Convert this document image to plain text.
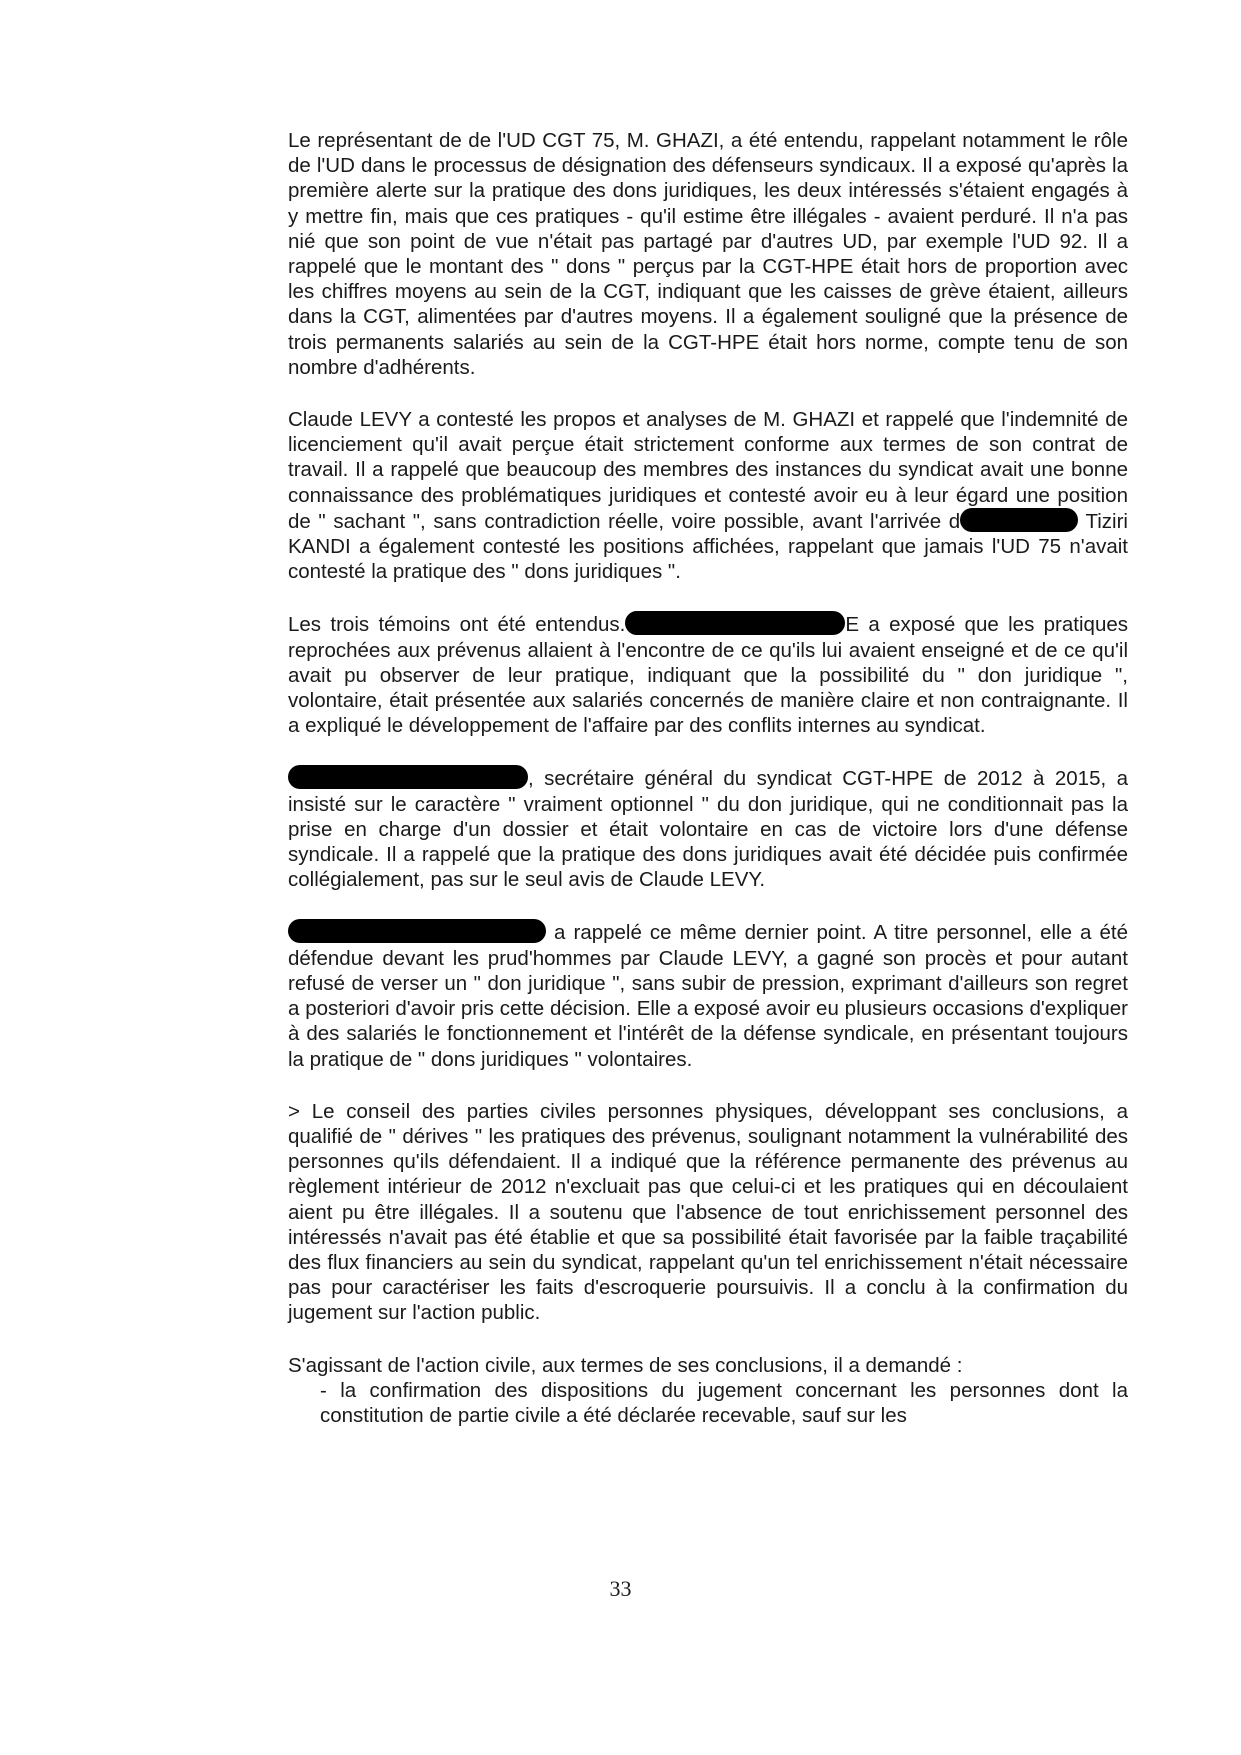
Le représentant de de l'UD CGT 75, M. GHAZI, a été entendu, rappelant notamment le rôle de l'UD dans le processus de désignation des défenseurs syndicaux. Il a exposé qu'après la première alerte sur la pratique des dons juridiques, les deux intéressés s'étaient engagés à y mettre fin, mais que ces pratiques - qu'il estime être illégales - avaient perduré. Il n'a pas nié que son point de vue n'était pas partagé par d'autres UD, par exemple l'UD 92. Il a rappelé que le montant des " dons " perçus par la CGT-HPE était hors de proportion avec les chiffres moyens au sein de la CGT, indiquant que les caisses de grève étaient, ailleurs dans la CGT, alimentées par d'autres moyens. Il a également souligné que la présence de trois permanents salariés au sein de la CGT-HPE était hors norme, compte tenu de son nombre d'adhérents.

Claude LEVY a contesté les propos et analyses de M. GHAZI et rappelé que l'indemnité de licenciement qu'il avait perçue était strictement conforme aux termes de son contrat de travail. Il a rappelé que beaucoup des membres des instances du syndicat avait une bonne connaissance des problématiques juridiques et contesté avoir eu à leur égard une position de " sachant ", sans contradiction réelle, voire possible, avant l'arrivée d	Tiziri KANDI a également contesté les positions affichées, rappelant que jamais l'UD 75 n'avait contesté la pratique des " dons juridiques ".
Les trois témoins ont été entendus.	E a exposé que les pratiques reprochées aux prévenus allaient à l'encontre de ce qu'ils lui avaient enseigné et de ce qu'il avait pu observer de leur pratique, indiquant que la possibilité du " don juridique ", volontaire, était présentée aux salariés concernés de manière claire et non contraignante. Il a expliqué le développement de l'affaire par des conflits internes au syndicat.
, secrétaire général du syndicat CGT-HPE de 2012 à 2015, a insisté sur le caractère " vraiment optionnel " du don juridique, qui ne conditionnait pas la prise en charge d'un dossier et était volontaire en cas de victoire lors d'une défense syndicale. Il a rappelé que la pratique des dons juridiques avait été décidée puis confirmée collégialement, pas sur le seul avis de Claude LEVY.
a rappelé ce même dernier point. A titre personnel, elle a été défendue devant les prud'hommes par Claude LEVY, a gagné son procès et pour autant refusé de verser un " don juridique ", sans subir de pression, exprimant d'ailleurs son regret a posteriori d'avoir pris cette décision. Elle a exposé avoir eu plusieurs occasions d'expliquer à des salariés le fonctionnement et l'intérêt de la défense syndicale, en présentant toujours la pratique de " dons juridiques " volontaires.

> Le conseil des parties civiles personnes physiques, développant ses conclusions, a qualifié de " dérives " les pratiques des prévenus, soulignant notamment la vulnérabilité des personnes qu'ils défendaient. Il a indiqué que la référence permanente des prévenus au règlement intérieur de 2012 n'excluait pas que celui-ci et les pratiques qui en découlaient aient pu être illégales. Il a soutenu que l'absence de tout enrichissement personnel des intéressés n'avait pas été établie et que sa possibilité était favorisée par la faible traçabilité des flux financiers au sein du syndicat, rappelant qu'un tel enrichissement n'était nécessaire pas pour caractériser les faits d'escroquerie poursuivis. Il a conclu à la confirmation du jugement sur l'action public.

S'agissant de l'action civile, aux termes de ses conclusions, il a demandé :

- la confirmation des dispositions du jugement concernant les personnes dont la constitution de partie civile a été déclarée recevable, sauf sur les

33
